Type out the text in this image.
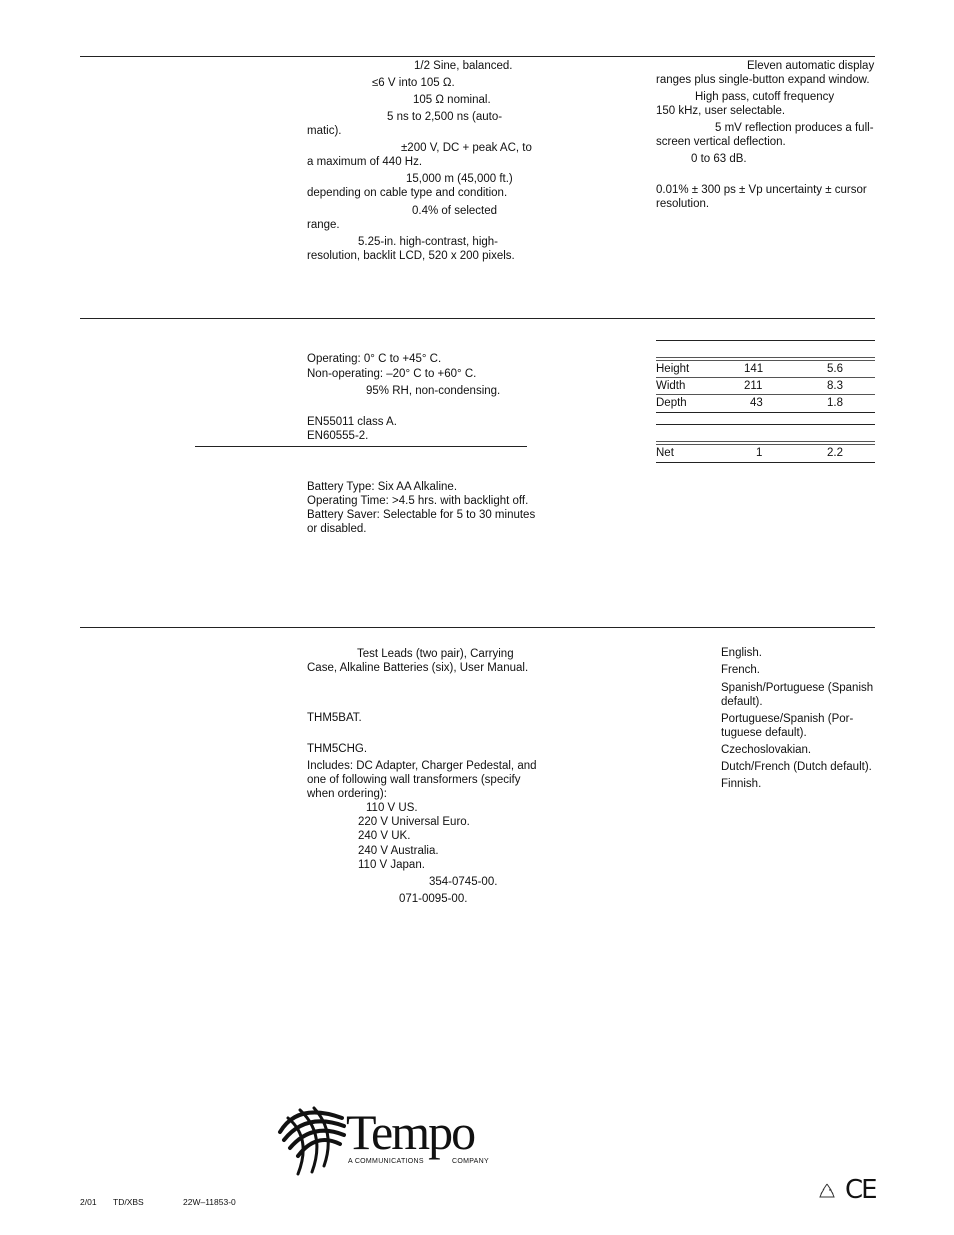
1/2 Sine, balanced.
≤6 V into 105 Ω.
105 Ω nominal.
5 ns to 2,500 ns (auto-
matic).
±200 V, DC + peak AC, to
a maximum of 440 Hz.
15,000 m (45,000 ft.)
depending on cable type and condition.
0.4% of selected
range.
5.25-in. high-contrast, high-
resolution, backlit LCD, 520 x 200 pixels.
Eleven automatic display
ranges plus single-button expand window.
High pass, cutoff frequency
150 kHz, user selectable.
5 mV reflection produces a full-
screen vertical deflection.
0 to 63 dB.
0.01% ± 300 ps ± Vp uncertainty ± cursor
resolution.
Operating: 0° C to +45° C.
Non-operating: –20° C to +60° C.
95% RH, non-condensing.
EN55011 class A.
EN60555-2.
Battery Type: Six AA Alkaline.
Operating Time: >4.5 hrs. with backlight off.
Battery Saver: Selectable for 5 to 30 minutes
or disabled.
Height	141	5.6
Width	211	8.3
Depth	43	1.8
Net	1	2.2
Test Leads (two pair), Carrying
Case, Alkaline Batteries (six), User Manual.
THM5BAT.
THM5CHG.
Includes: DC Adapter, Charger Pedestal, and
one of following wall transformers (specify
when ordering):
110 V US.
220 V Universal Euro.
240 V UK.
240 V Australia.
110 V Japan.
354-0745-00.
071-0095-00.
English.
French.
Spanish/Portuguese (Spanish
default).
Portuguese/Spanish (Por-
tuguese default).
Czechoslovakian.
Dutch/French (Dutch default).
Finnish.
Tempo
A COMMUNICATIONS	COMPANY
2/01 TD/XBS	22W–11853-0	CE
